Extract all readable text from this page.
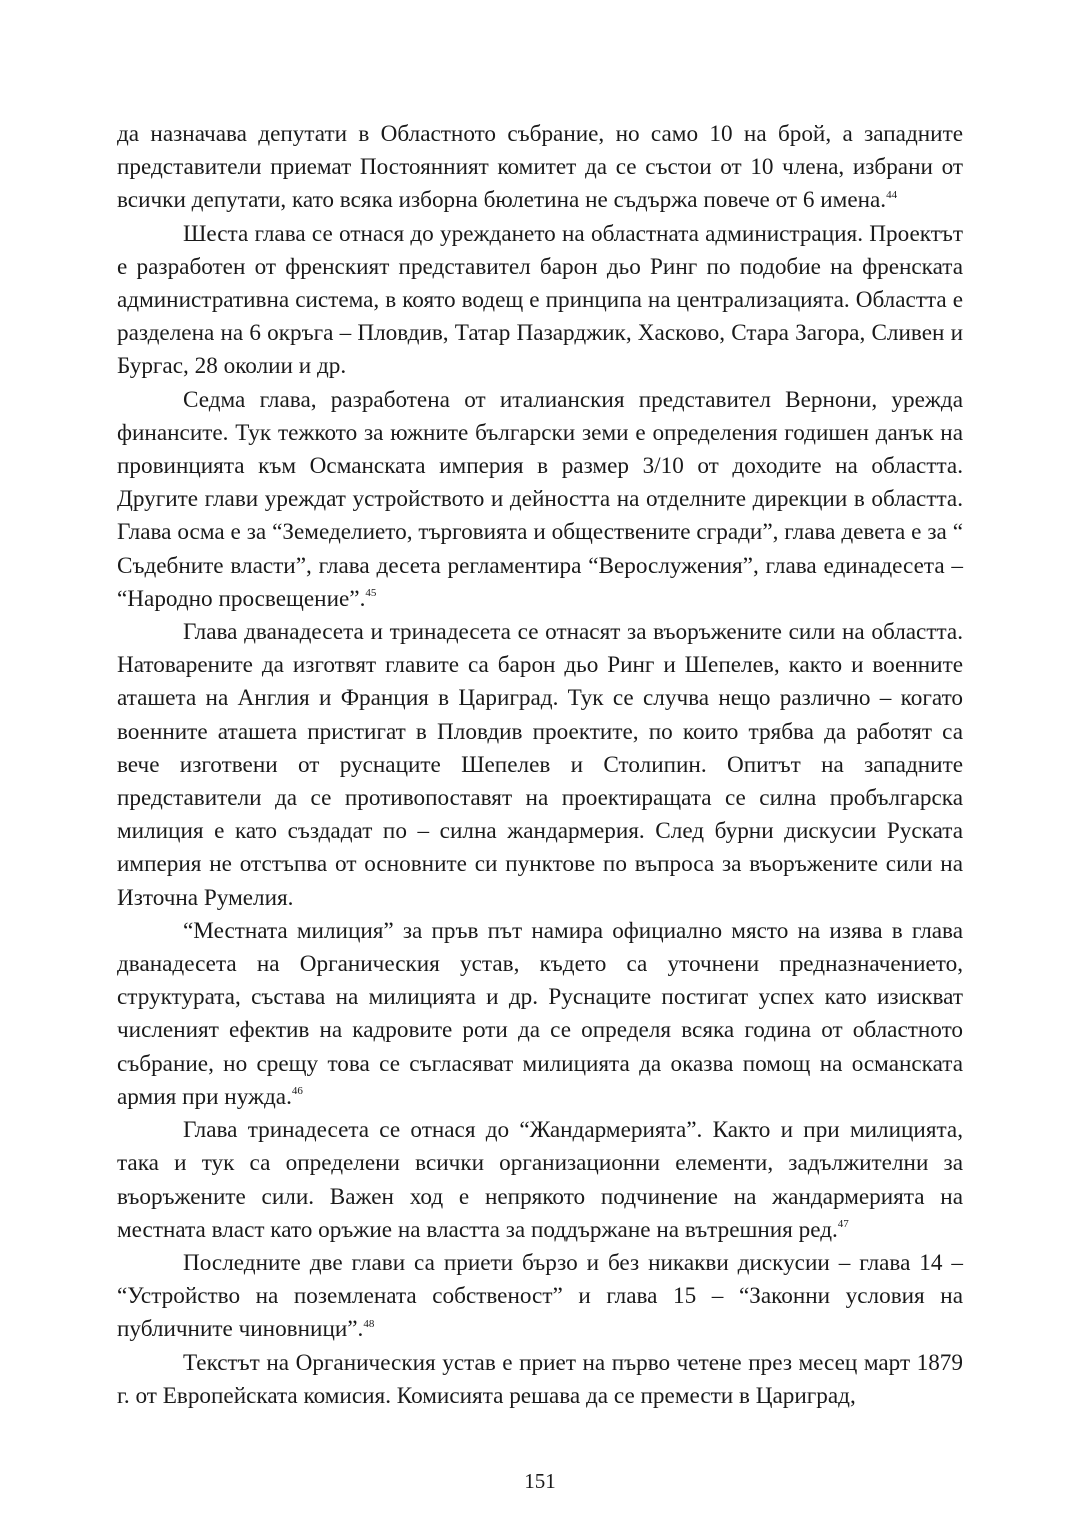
да назначава депутати в Областното събрание, но само 10 на брой, а западните представители приемат Постоянният комитет да се състои от 10 члена, избрани от всички депутати, като всяка изборна бюлетина не съдържа повече от 6 имена.$^{44}$

Шеста глава се отнася до уреждането на областната администрация. Проектът е разработен от френският представител барон дьо Ринг по подобие на френската административна система, в която водещ е принципа на централизацията. Областта е разделена на 6 окръга – Пловдив, Татар Пазарджик, Хасково, Стара Загора, Сливен и Бургас, 28 околии и др.

Седма глава, разработена от италианския представител Вернони, урежда финансите. Тук тежкото за южните български земи е определения годишен данък на провинцията към Османската империя в размер 3/10 от доходите на областта. Другите глави уреждат устройството и дейността на отделните дирекции в областта. Глава осма е за “Земеделието, търговията и обществените сгради”, глава девета е за “ Съдебните власти”, глава десета регламентира “Верослужения”, глава единадесета – “Народно просвещение”.$^{45}$

Глава дванадесета и тринадесета се отнасят за въоръжените сили на областта. Натоварените да изготвят главите са барон дьо Ринг и Шепелев, както и военните аташета на Англия и Франция в Цариград. Тук се случва нещо различно – когато военните аташета пристигат в Пловдив проектите, по които трябва да работят са вече изготвени от руснаците Шепелев и Столипин. Опитът на западните представители да се противопоставят на проектиращата се силна пробългарска милиция е като създадат по – силна жандармерия. След бурни дискусии Руската империя не отстъпва от основните си пунктове по въпроса за въоръжените сили на Източна Румелия.

“Местната милиция” за пръв път намира официално място на изява в глава дванадесета на Органическия устав, където са уточнени предназначението, структурата, състава на милицията и др. Руснаците постигат успех като изискват численият ефектив на кадровите роти да се определя всяка година от областното събрание, но срещу това се съгласяват милицията да оказва помощ на османската армия при нужда.$^{46}$

Глава тринадесета се отнася до “Жандармерията”. Както и при милицията, така и тук са определени всички организационни елементи, задължителни за въоръжените сили. Важен ход е непрякото подчинение на жандармерията на местната власт като оръжие на властта за поддържане на вътрешния ред.$^{47}$

Последните две глави са приети бързо и без никакви дискусии – глава 14 – “Устройство на поземлената собственост” и глава 15 – “Законни условия на публичните чиновници”.$^{48}$

Текстът на Органическия устав е приет на първо четене през месец март 1879 г. от Европейската комисия. Комисията решава да се премести в Цариград,

151
